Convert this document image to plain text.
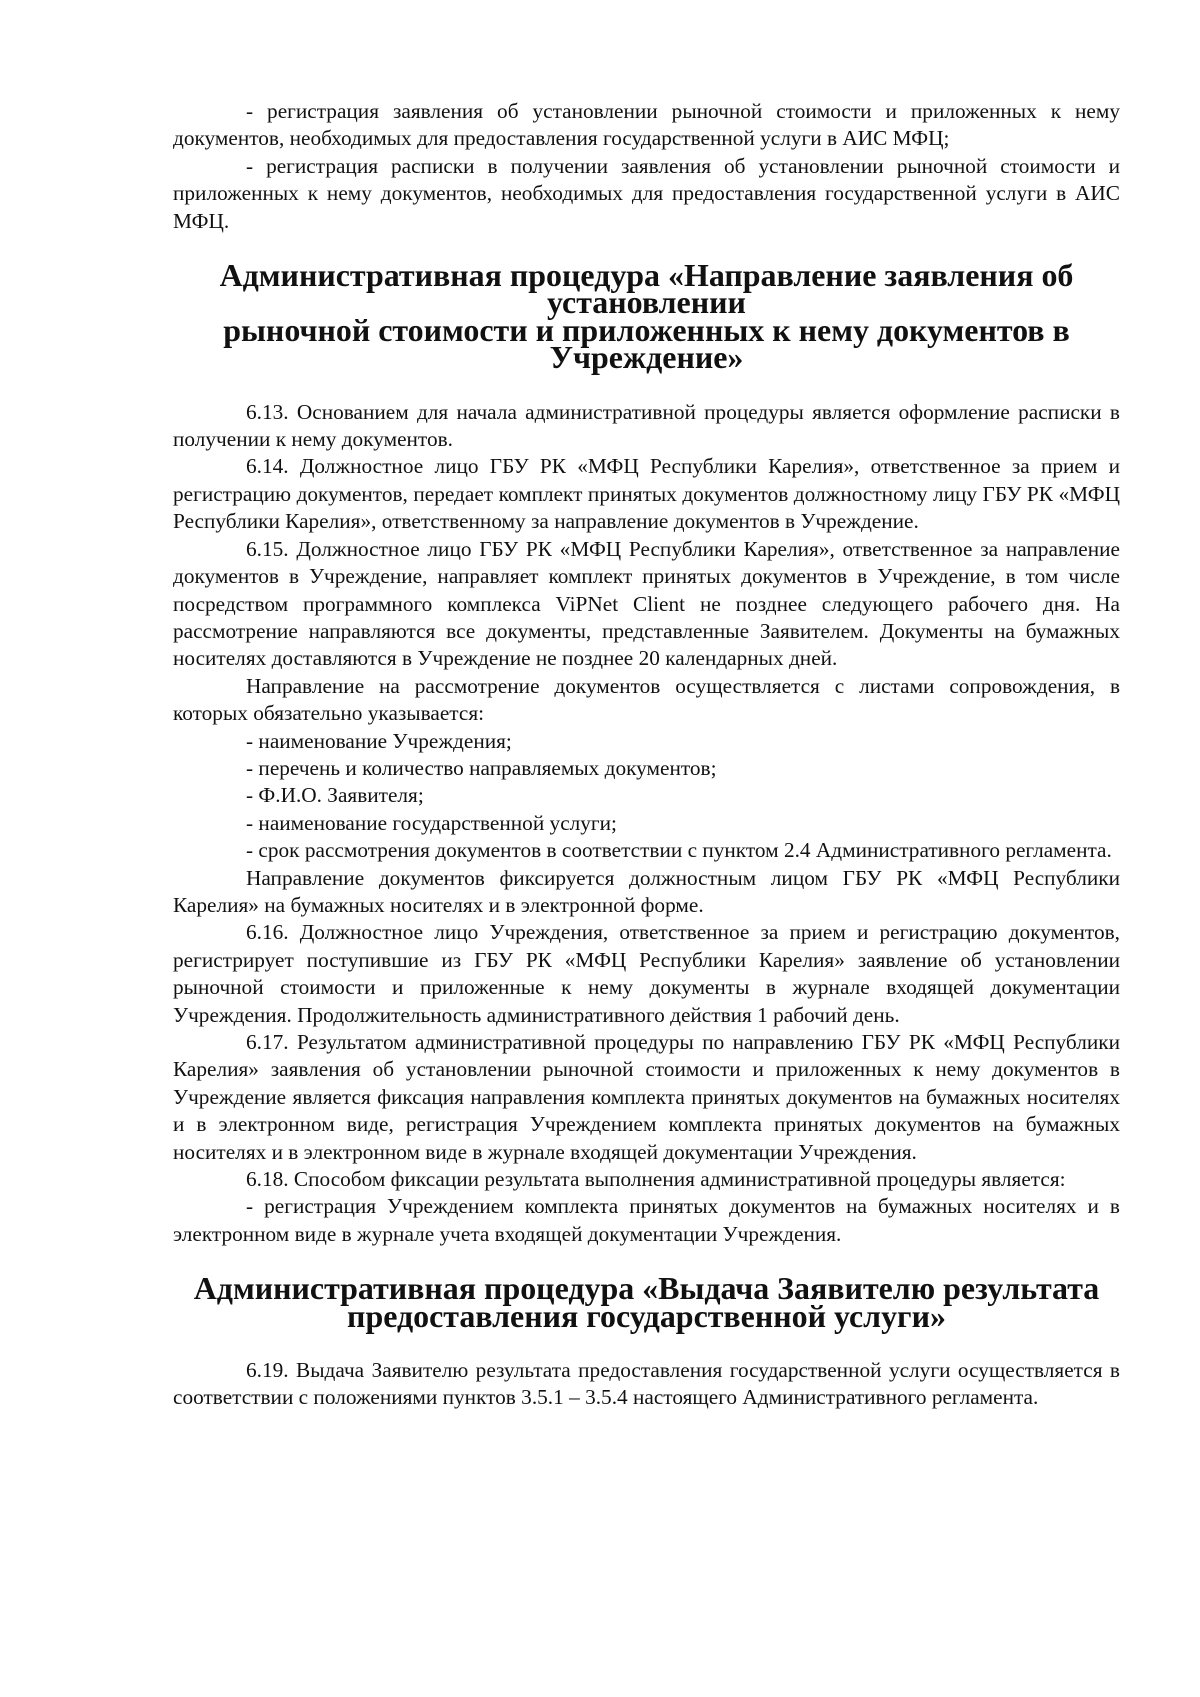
- регистрация заявления об установлении рыночной стоимости и приложенных к нему документов, необходимых для предоставления государственной услуги в АИС МФЦ;

- регистрация расписки в получении заявления об установлении рыночной стоимости и приложенных к нему документов, необходимых для предоставления государственной услуги в АИС МФЦ.

Административная процедура «Направление заявления об установлении
рыночной стоимости и приложенных к нему документов в Учреждение»

6.13. Основанием для начала административной процедуры является оформление расписки в получении к нему документов.

6.14. Должностное лицо ГБУ РК «МФЦ Республики Карелия», ответственное за прием и регистрацию документов, передает комплект принятых документов должностному лицу ГБУ РК «МФЦ Республики Карелия», ответственному за направление документов в Учреждение.

6.15. Должностное лицо ГБУ РК «МФЦ Республики Карелия», ответственное за направление документов в Учреждение, направляет комплект принятых документов в Учреждение, в том числе посредством программного комплекса ViPNet Client не позднее следующего рабочего дня. На рассмотрение направляются все документы, представленные Заявителем. Документы на бумажных носителях доставляются в Учреждение не позднее 20 календарных дней.

Направление на рассмотрение документов осуществляется с листами сопровождения, в которых обязательно указывается:

- наименование Учреждения;

- перечень и количество направляемых документов;

- Ф.И.О. Заявителя;

- наименование государственной услуги;

- срок рассмотрения документов в соответствии с пунктом 2.4 Административного регламента.

Направление документов фиксируется должностным лицом ГБУ РК «МФЦ Республики Карелия» на бумажных носителях и в электронной форме.

6.16. Должностное лицо Учреждения, ответственное за прием и регистрацию документов, регистрирует поступившие из ГБУ РК «МФЦ Республики Карелия» заявление об установлении рыночной стоимости и приложенные к нему документы в журнале входящей документации Учреждения. Продолжительность административного действия 1 рабочий день.

6.17. Результатом административной процедуры по направлению ГБУ РК «МФЦ Республики Карелия» заявления об установлении рыночной стоимости и приложенных к нему документов в Учреждение является фиксация направления комплекта принятых документов на бумажных носителях и в электронном виде, регистрация Учреждением комплекта принятых документов на бумажных носителях и в электронном виде в журнале входящей документации Учреждения.

6.18. Способом фиксации результата выполнения административной процедуры является:

- регистрация Учреждением комплекта принятых документов на бумажных носителях и в электронном виде в журнале учета входящей документации Учреждения.

Административная процедура «Выдача Заявителю результата
предоставления государственной услуги»

6.19. Выдача Заявителю результата предоставления государственной услуги осуществляется в соответствии с положениями пунктов 3.5.1 – 3.5.4 настоящего Административного регламента.
